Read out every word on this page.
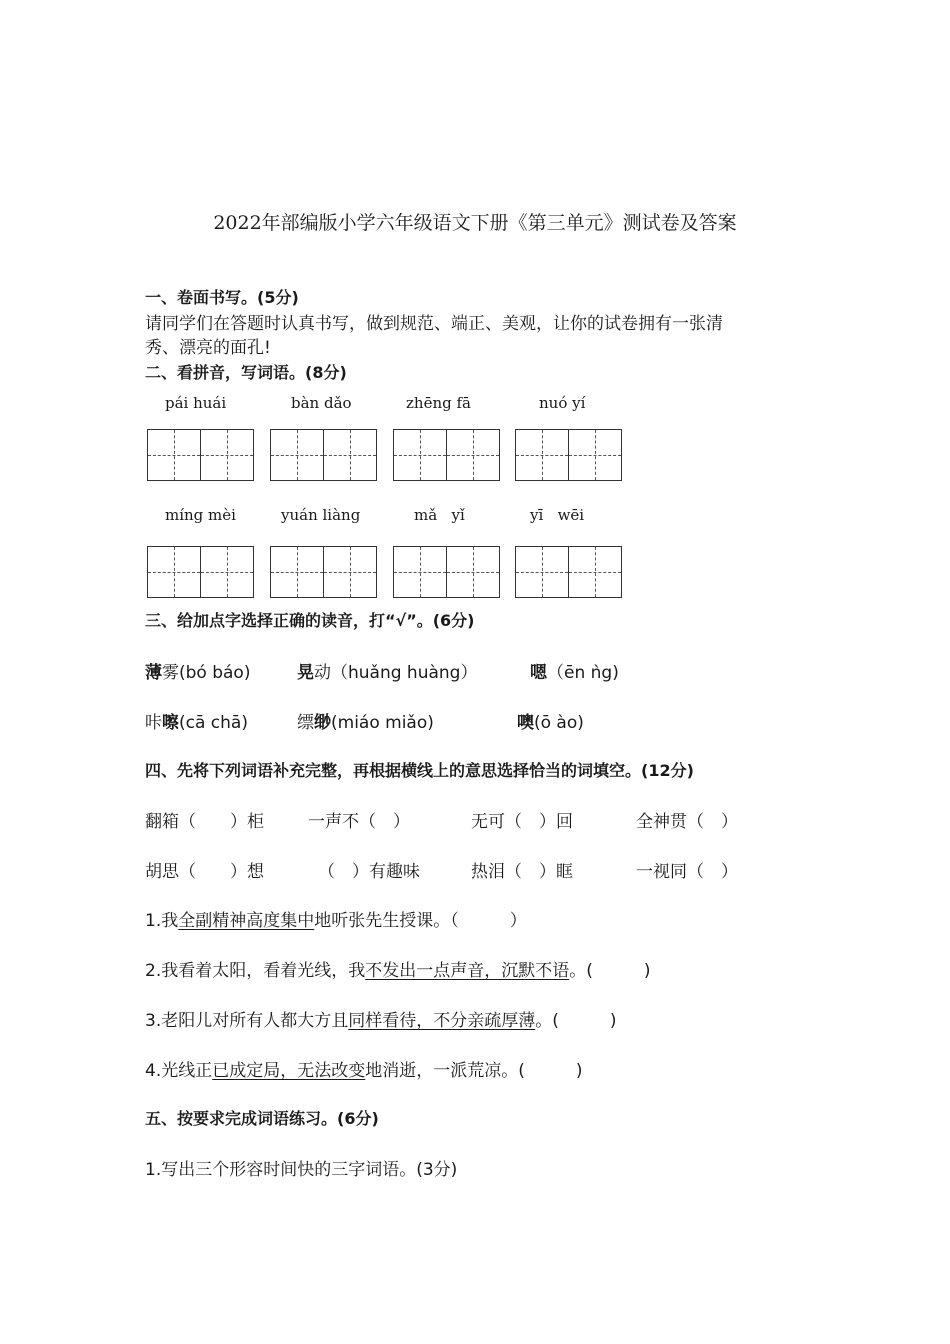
2022年部编版小学六年级语文下册《第三单元》测试卷及答案
一、卷面书写。(5分)
请同学们在答题时认真书写，做到规范、端正、美观，让你的试卷拥有一张清
秀、漂亮的面孔!
二、看拼音，写词语。(8分)
pái huái	bàn dǎo	zhēng fā	nuó yí
míng mèi	yuán liàng	mǎ   yǐ	yī   wēi
三、给加点字选择正确的读音，打“√”。(6分)
薄雾(bó báo)	晃动（huǎng huàng）	嗯（ēn ǹg)
咔嚓(cā chā)	缥缈(miáo miǎo)	噢(ō ào)
四、先将下列词语补充完整，再根据横线上的意思选择恰当的词填空。(12分)
翻箱（　　）柜	一声不（　）	无可（　）回	全神贯（　）
胡思（　　）想	（　）有趣味	热泪（　）眶	一视同（　）
1.我全副精神高度集中地听张先生授课。（　　　）
2.我看着太阳，看着光线，我不发出一点声音，沉默不语。(　　　)
3.老阳儿对所有人都大方且同样看待，不分亲疏厚薄。(　　　)
4.光线正已成定局，无法改变地消逝，一派荒凉。(　　　)
五、按要求完成词语练习。(6分)
1.写出三个形容时间快的三字词语。(3分)
